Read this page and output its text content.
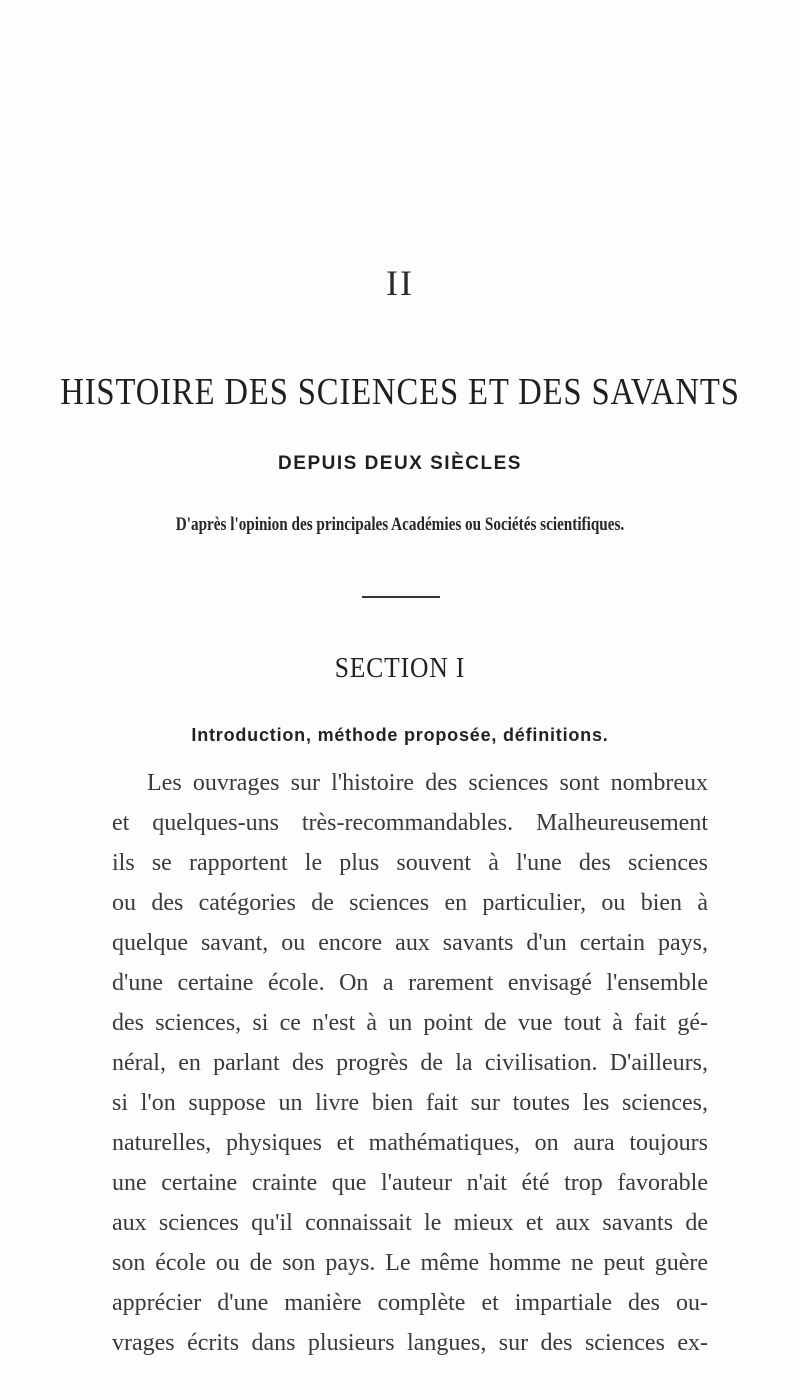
II
HISTOIRE DES SCIENCES ET DES SAVANTS
DEPUIS DEUX SIÈCLES
D'après l'opinion des principales Académies ou Sociétés scientifiques.
SECTION I
Introduction, méthode proposée, définitions.
Les ouvrages sur l'histoire des sciences sont nombreux
et quelques-uns très-recommandables. Malheureusement
ils se rapportent le plus souvent à l'une des sciences
ou des catégories de sciences en particulier, ou bien à
quelque savant, ou encore aux savants d'un certain pays,
d'une certaine école. On a rarement envisagé l'ensemble
des sciences, si ce n'est à un point de vue tout à fait gé-
néral, en parlant des progrès de la civilisation. D'ailleurs,
si l'on suppose un livre bien fait sur toutes les sciences,
naturelles, physiques et mathématiques, on aura toujours
une certaine crainte que l'auteur n'ait été trop favorable
aux sciences qu'il connaissait le mieux et aux savants de
son école ou de son pays. Le même homme ne peut guère
apprécier d'une manière complète et impartiale des ou-
vrages écrits dans plusieurs langues, sur des sciences ex-
